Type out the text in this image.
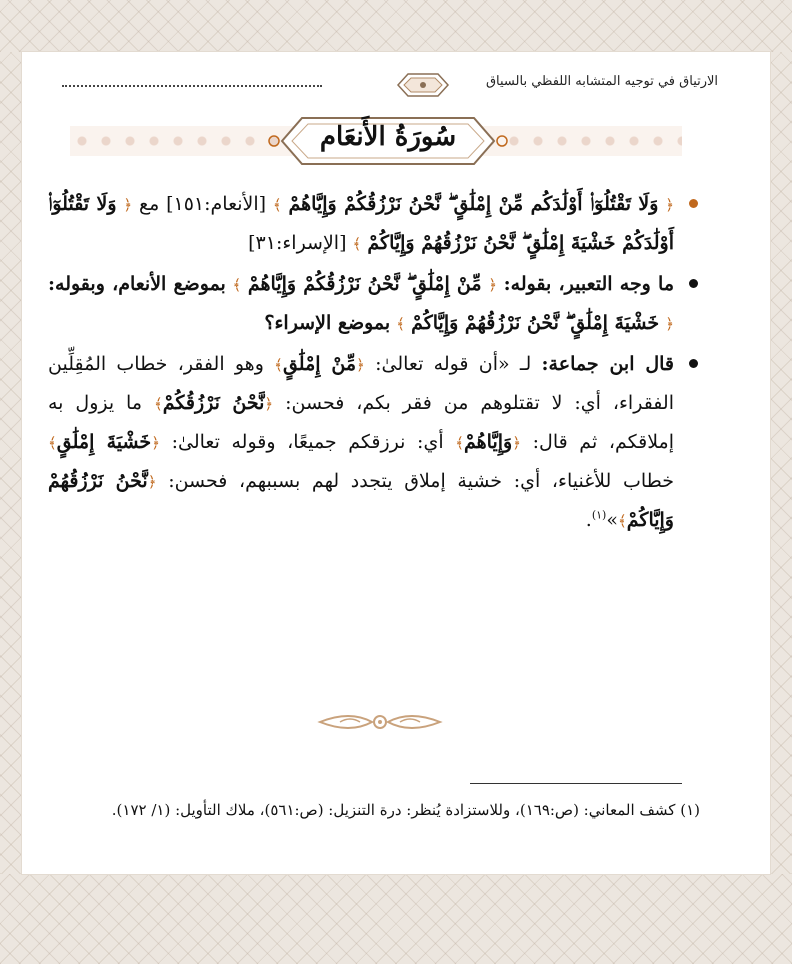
الارتياق في توجيه المتشابه اللفظي بالسياق
سُورَةُ الأَنعَام
﴿ وَلَا تَقْتُلُوٓا۟ أَوْلَٰدَكُم مِّنْ إِمْلَٰقٍ ۖ نَّحْنُ نَرْزُقُكُمْ وَإِيَّاهُمْ ﴾ [الأنعام:١٥١] مع ﴿ وَلَا تَقْتُلُوٓا۟ أَوْلَٰدَكُمْ خَشْيَةَ إِمْلَٰقٍ ۖ نَّحْنُ نَرْزُقُهُمْ وَإِيَّاكُمْ ﴾ [الإسراء:٣١]
ما وجه التعبير، بقوله: ﴿ مِّنْ إِمْلَٰقٍ ۖ نَّحْنُ نَرْزُقُكُمْ وَإِيَّاهُمْ ﴾ بموضع الأنعام، وبقوله: ﴿ خَشْيَةَ إِمْلَٰقٍ ۖ نَّحْنُ نَرْزُقُهُمْ وَإِيَّاكُمْ ﴾ بموضع الإسراء؟
قال ابن جماعة: لـ «أن قوله تعالىٰ: ﴿مِّنْ إِمْلَٰقٍ﴾ وهو الفقر، خطاب المُقِلِّين الفقراء، أي: لا تقتلوهم من فقر بكم، فحسن: ﴿نَّحْنُ نَرْزُقُكُمْ﴾ ما يزول به إملاقكم، ثم قال: ﴿وَإِيَّاهُمْ﴾ أي: نرزقكم جميعًا، وقوله تعالىٰ: ﴿خَشْيَةَ إِمْلَٰقٍ﴾ خطاب للأغنياء، أي: خشية إملاق يتجدد لهم بسببهم، فحسن: ﴿نَّحْنُ نَرْزُقُهُمْ وَإِيَّاكُمْ﴾»$^{(١)}$.
(١) كشف المعاني: (ص:١٦٩)، وللاستزادة يُنظر: درة التنزيل: (ص:٥٦١)، ملاك التأويل: (١/ ١٧٢).
